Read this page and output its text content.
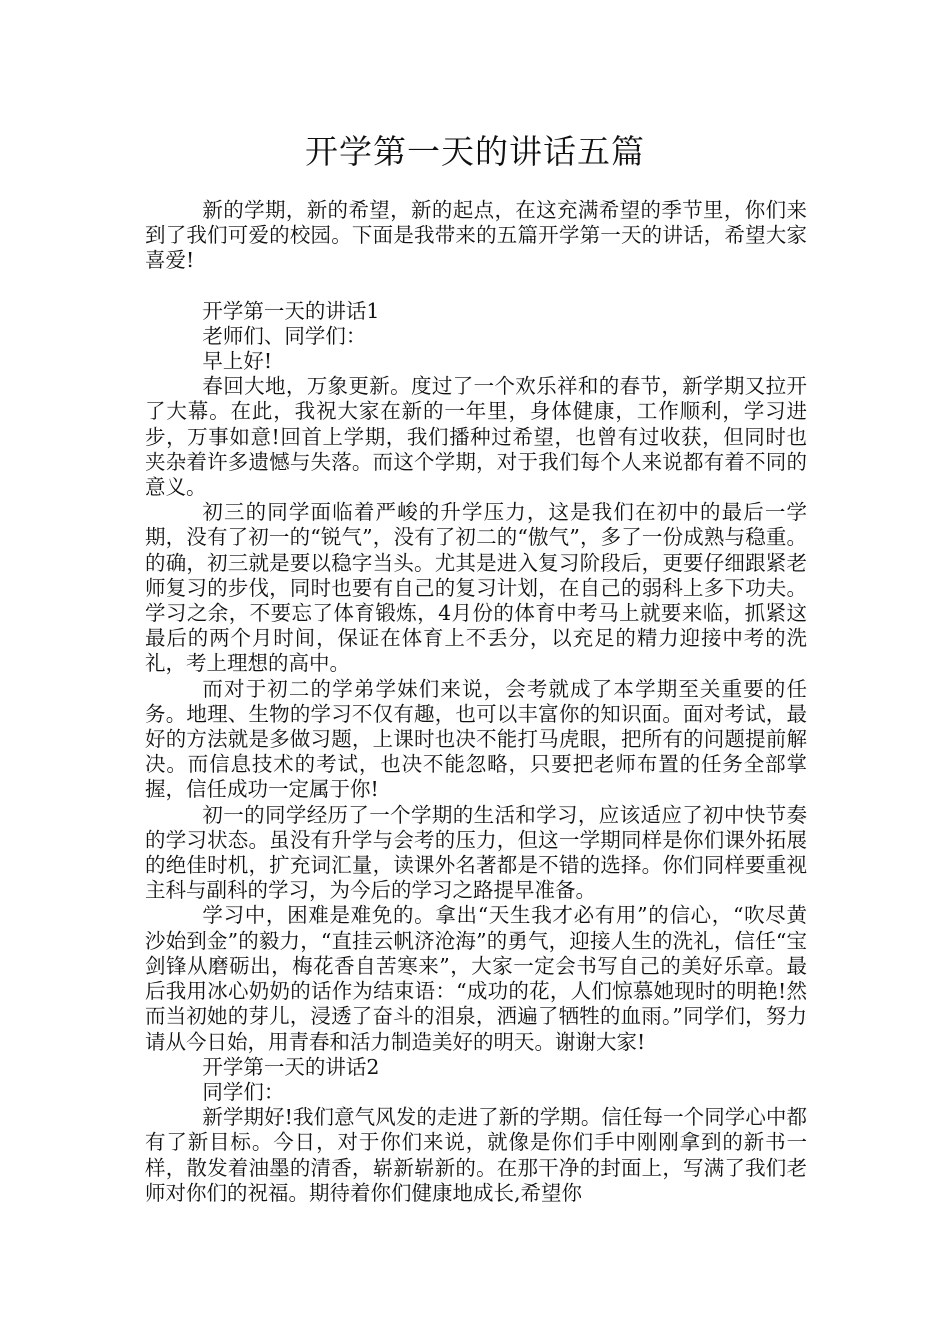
开学第一天的讲话五篇

新的学期，新的希望，新的起点，在这充满希望的季节里，你们来到了我们可爱的校园。下面是我带来的五篇开学第一天的讲话，希望大家喜爱!

开学第一天的讲话1

老师们、同学们：

早上好!

春回大地，万象更新。度过了一个欢乐祥和的春节，新学期又拉开了大幕。在此，我祝大家在新的一年里，身体健康，工作顺利，学习进步，万事如意!回首上学期，我们播种过希望，也曾有过收获，但同时也夹杂着许多遗憾与失落。而这个学期，对于我们每个人来说都有着不同的意义。

初三的同学面临着严峻的升学压力，这是我们在初中的最后一学期，没有了初一的“锐气”，没有了初二的“傲气”，多了一份成熟与稳重。的确，初三就是要以稳字当头。尤其是进入复习阶段后，更要仔细跟紧老师复习的步伐，同时也要有自己的复习计划，在自己的弱科上多下功夫。学习之余，不要忘了体育锻炼，4月份的体育中考马上就要来临，抓紧这最后的两个月时间，保证在体育上不丢分，以充足的精力迎接中考的洗礼，考上理想的高中。

而对于初二的学弟学妹们来说，会考就成了本学期至关重要的任务。地理、生物的学习不仅有趣，也可以丰富你的知识面。面对考试，最好的方法就是多做习题，上课时也决不能打马虎眼，把所有的问题提前解决。而信息技术的考试，也决不能忽略，只要把老师布置的任务全部掌握，信任成功一定属于你!

初一的同学经历了一个学期的生活和学习，应该适应了初中快节奏的学习状态。虽没有升学与会考的压力，但这一学期同样是你们课外拓展的绝佳时机，扩充词汇量，读课外名著都是不错的选择。你们同样要重视主科与副科的学习，为今后的学习之路提早准备。

学习中，困难是难免的。拿出“天生我才必有用”的信心，“吹尽黄沙始到金”的毅力，“直挂云帆济沧海”的勇气，迎接人生的洗礼，信任“宝剑锋从磨砺出，梅花香自苦寒来”，大家一定会书写自己的美好乐章。最后我用冰心奶奶的话作为结束语：“成功的花，人们惊慕她现时的明艳!然而当初她的芽儿，浸透了奋斗的泪泉，洒遍了牺牲的血雨。”同学们，努力请从今日始，用青春和活力制造美好的明天。谢谢大家!

开学第一天的讲话2

同学们：

新学期好!我们意气风发的走进了新的学期。信任每一个同学心中都有了新目标。今日，对于你们来说，就像是你们手中刚刚拿到的新书一样，散发着油墨的清香，崭新崭新的。在那干净的封面上，写满了我们老师对你们的祝福。期待着你们健康地成长,希望你
